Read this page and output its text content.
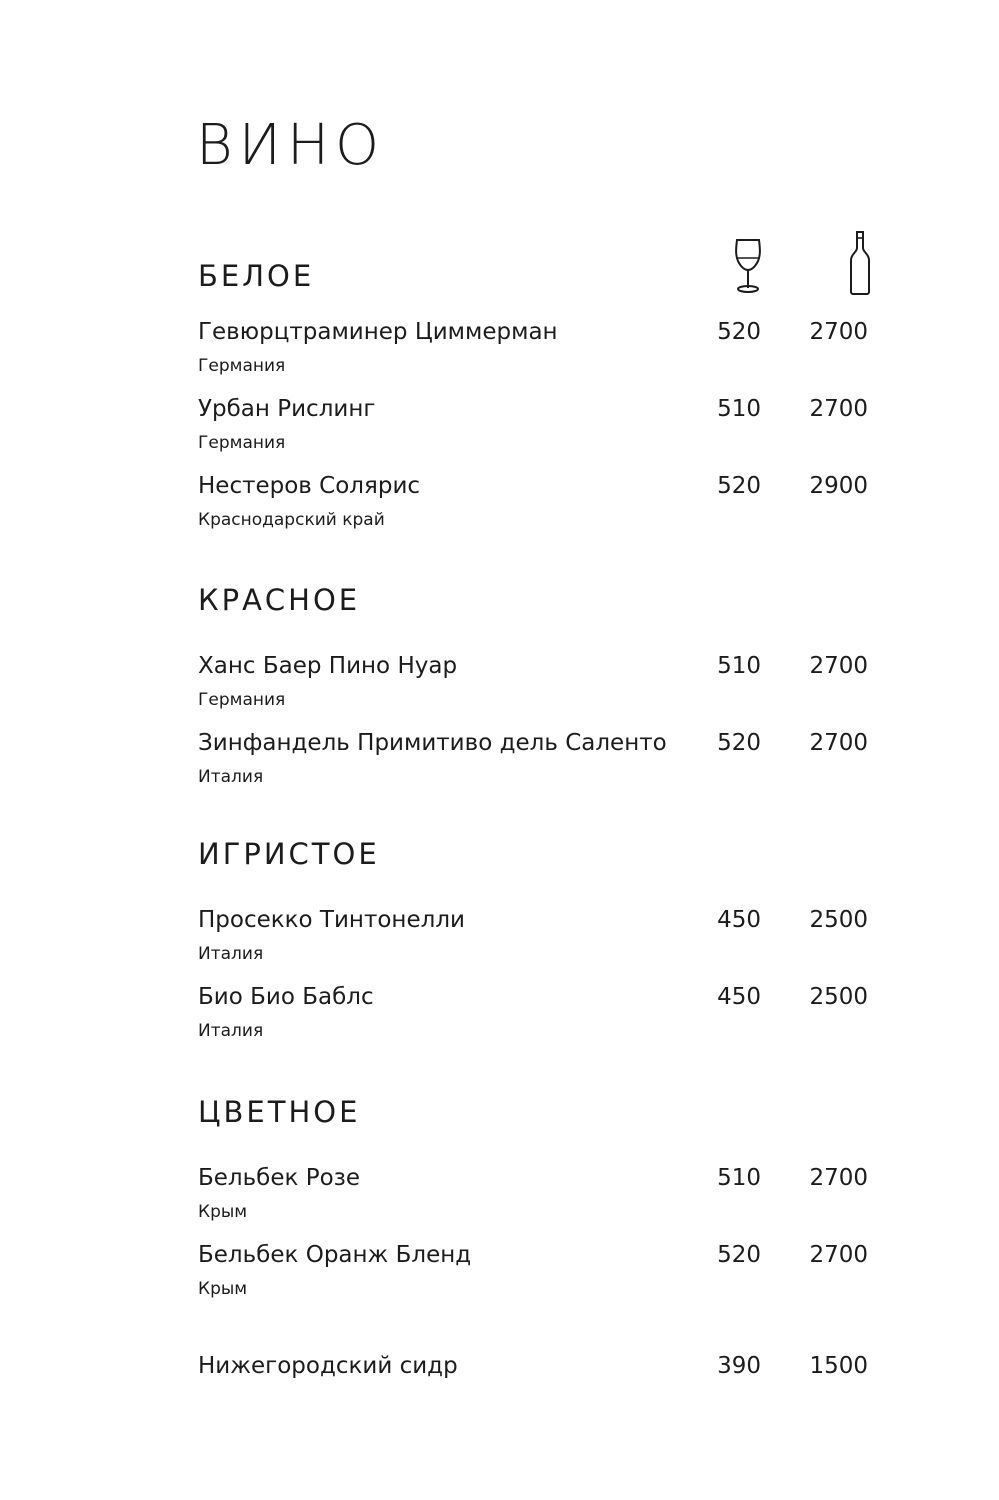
ВИНО
БЕЛОЕ
Гевюрцтраминер Циммерман	520 2700
Германия
Урбан Рислинг	510 2700
Германия
Нестеров Солярис	520 2900
Краснодарский край
КРАСНОЕ
Ханс Баер Пино Нуар	510 2700
Германия
Зинфандель Примитиво дель Саленто 520 2700
Италия
ИГРИСТОЕ
Просекко Тинтонелли	450 2500
Италия
Био Био Баблс	450 2500
Италия
ЦВЕТНОЕ
Бельбек Розе	510 2700
Крым
Бельбек Оранж Бленд	520 2700
Крым
Нижегородский сидр	390 1500
